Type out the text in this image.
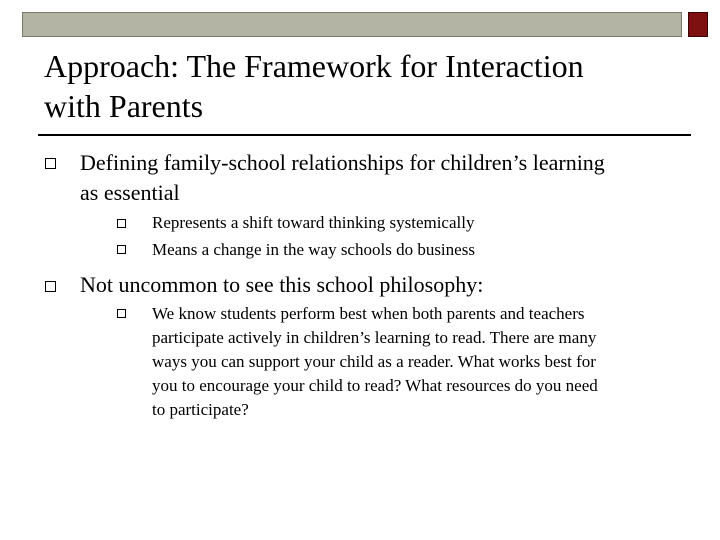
Approach: The Framework for Interaction
with Parents

Defining family-school relationships for children’s learning
as essential

Represents a shift toward thinking systemically

Means a change in the way schools do business

Not uncommon to see this school philosophy:

We know students perform best when both parents and teachers
participate actively in children’s learning to read. There are many
ways you can support your child as a reader. What works best for
you to encourage your child to read? What resources do you need
to participate?
